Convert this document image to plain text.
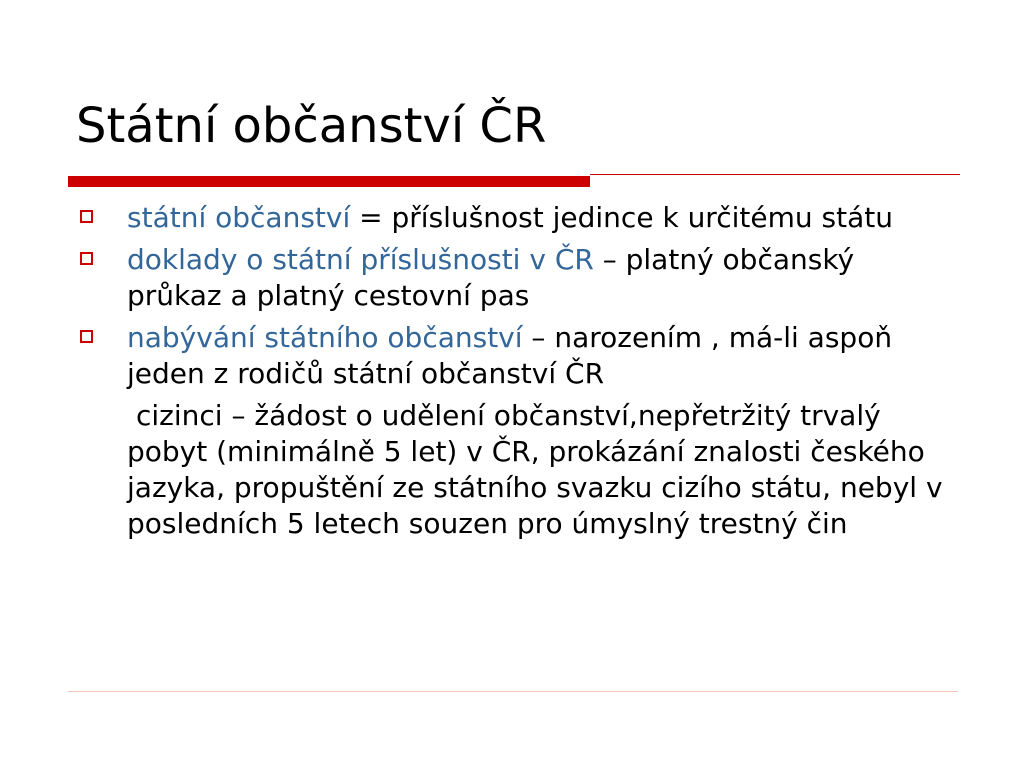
Státní občanství ČR
státní občanství = příslušnost jedince k určitému státu
doklady o státní příslušnosti v ČR – platný občanský průkaz a platný cestovní pas
nabývání státního občanství – narozením , má-li aspoň jeden z rodičů státní občanství ČR
cizinci – žádost o udělení občanství,nepřetržitý trvalý pobyt (minimálně 5 let) v ČR, prokázání znalosti českého jazyka, propuštění ze státního svazku cizího státu, nebyl v posledních 5 letech souzen pro úmyslný trestný čin
